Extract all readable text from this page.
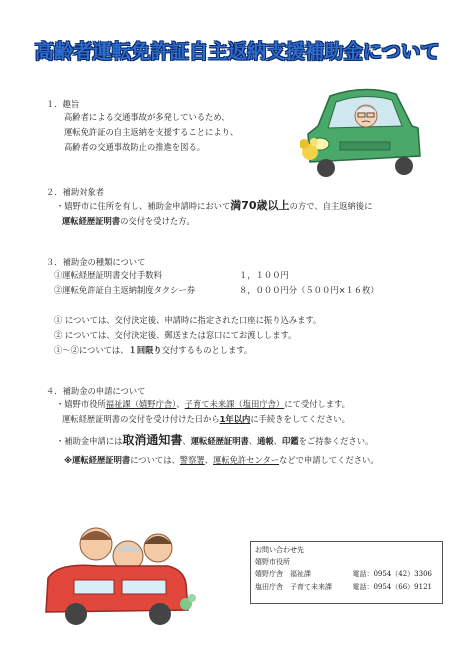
高齢者運転免許証自主返納支援補助金について
１．趣旨
高齢者による交通事故が多発しているため、
運転免許証の自主返納を支援することにより、
高齢者の交通事故防止の推進を図る。
２．補助対象者
・嬉野市に住所を有し、補助金申請時において満70歳以上の方で、自主返納後に
運転経歴証明書の交付を受けた方。
３．補助金の種類について
①運転経歴証明書交付手数料	１，１００円
②運転免許証自主返納制度タクシー券	８，０００円分（５００円×１６枚）
① については、交付決定後、申請時に指定された口座に振り込みます。
② については、交付決定後、郵送または窓口にてお渡しします。
①～②については、１回限り交付するものとします。
４．補助金の申請について
・嬉野市役所福祉課（嬉野庁舎）、子育て未来課（塩田庁舎）にて受付します。
運転経歴証明書の交付を受け付けた日から1年以内に手続きをしてください。
・補助金申請には取消通知書、運転経歴証明書、通帳、印鑑をご持参ください。
※運転経歴証明書については、警察署、運転免許センターなどで申請してください。
お問い合わせ先
嬉野市役所
嬉野庁舎　福祉課	電話：0954（42）3306
塩田庁舎　子育て未来課	電話：0954（66）9121
